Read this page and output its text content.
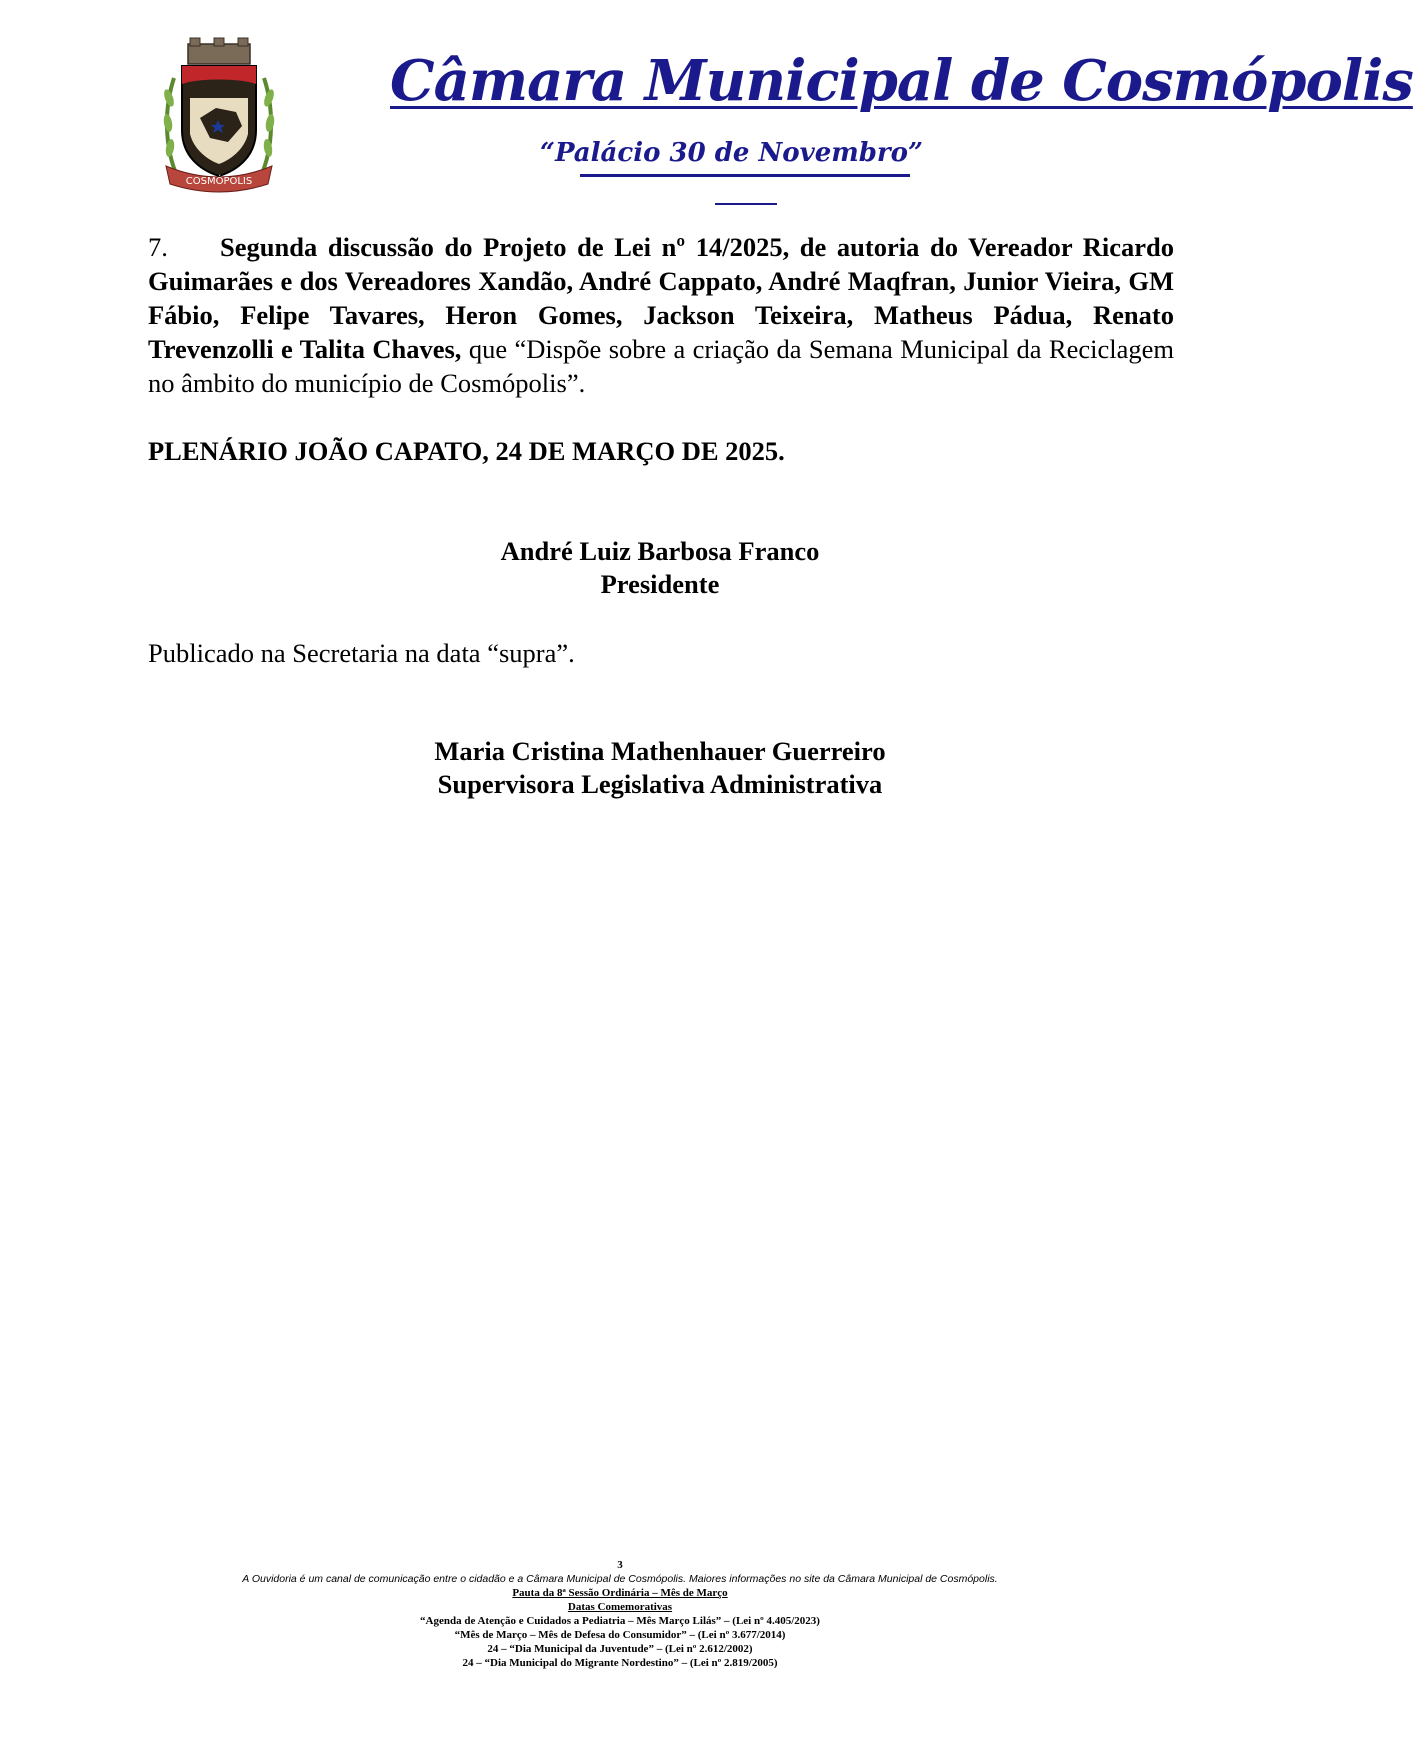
COSMÓPOLIS
Câmara Municipal de Cosmópolis
“Palácio 30 de Novembro”
7. Segunda discussão do Projeto de Lei nº 14/2025, de autoria do Vereador Ricardo Guimarães e dos Vereadores Xandão, André Cappato, André Maqfran, Junior Vieira, GM Fábio, Felipe Tavares, Heron Gomes, Jackson Teixeira, Matheus Pádua, Renato Trevenzolli e Talita Chaves, que “Dispõe sobre a criação da Semana Municipal da Reciclagem no âmbito do município de Cosmópolis”.
PLENÁRIO JOÃO CAPATO, 24 DE MARÇO DE 2025.
André Luiz Barbosa Franco
Presidente
Publicado na Secretaria na data “supra”.
Maria Cristina Mathenhauer Guerreiro
Supervisora Legislativa Administrativa
3
A Ouvidoria é um canal de comunicação entre o cidadão e a Câmara Municipal de Cosmópolis. Maiores informações no site da Câmara Municipal de Cosmópolis.
Pauta da 8ª Sessão Ordinária – Mês de Março
Datas Comemorativas
“Agenda de Atenção e Cuidados a Pediatria – Mês Março Lilás” – (Lei nº 4.405/2023)
“Mês de Março – Mês de Defesa do Consumidor” – (Lei nº 3.677/2014)
24 – “Dia Municipal da Juventude” – (Lei nº 2.612/2002)
24 – “Dia Municipal do Migrante Nordestino” – (Lei nº 2.819/2005)
